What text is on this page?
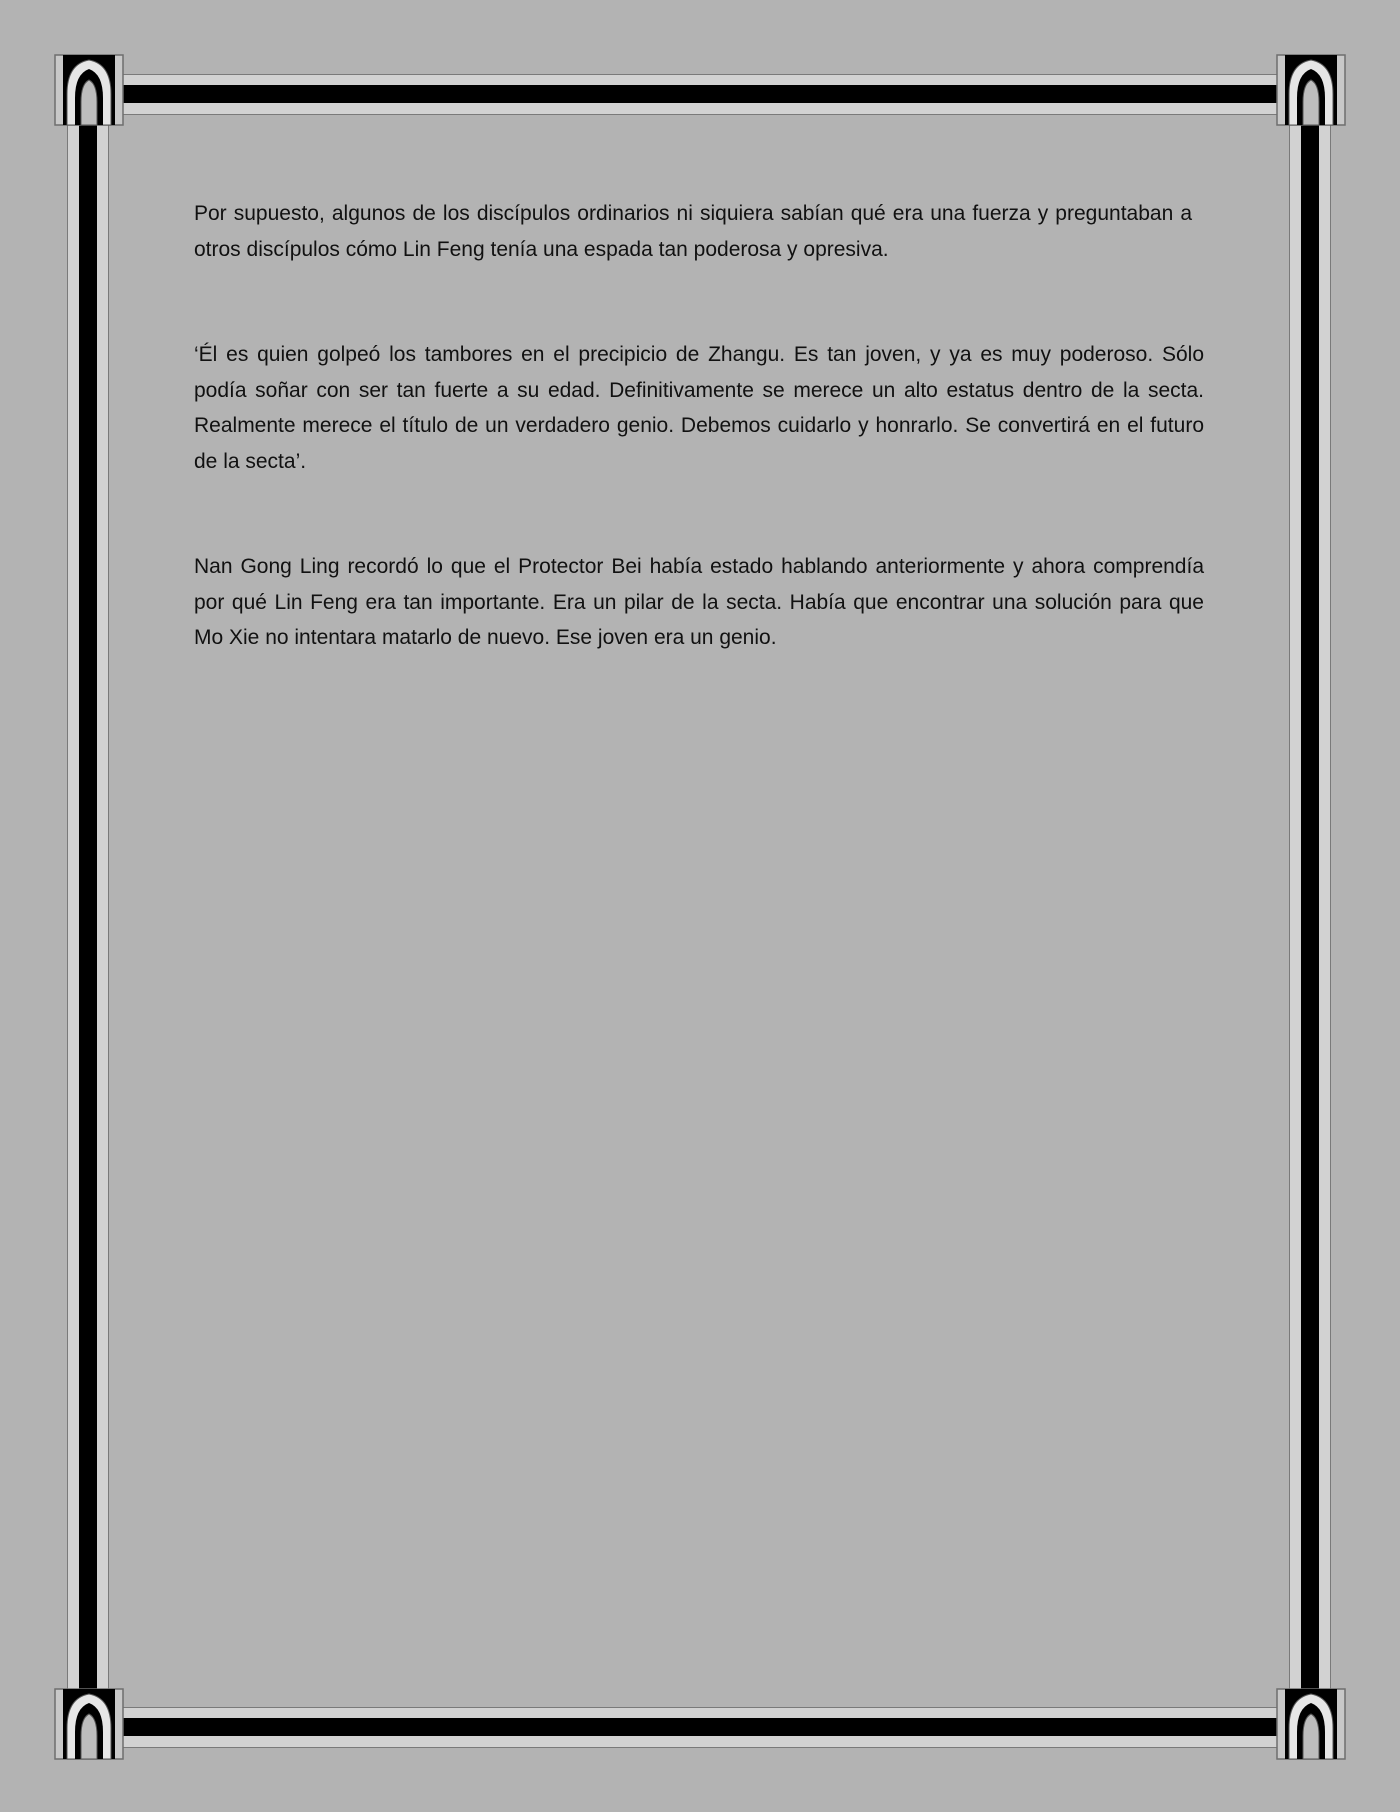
Por supuesto, algunos de los discípulos ordinarios ni siquiera sabían qué era una fuerza y preguntaban a otros discípulos cómo Lin Feng tenía una espada tan poderosa y opresiva.

‘Él es quien golpeó los tambores en el precipicio de Zhangu. Es tan joven, y ya es muy poderoso. Sólo podía soñar con ser tan fuerte a su edad. Definitivamente se merece un alto estatus dentro de la secta. Realmente merece el título de un verdadero genio. Debemos cuidarlo y honrarlo. Se convertirá en el futuro de la secta’.

Nan Gong Ling recordó lo que el Protector Bei había estado hablando anteriormente y ahora comprendía por qué Lin Feng era tan importante. Era un pilar de la secta. Había que encontrar una solución para que Mo Xie no intentara matarlo de nuevo. Ese joven era un genio.
